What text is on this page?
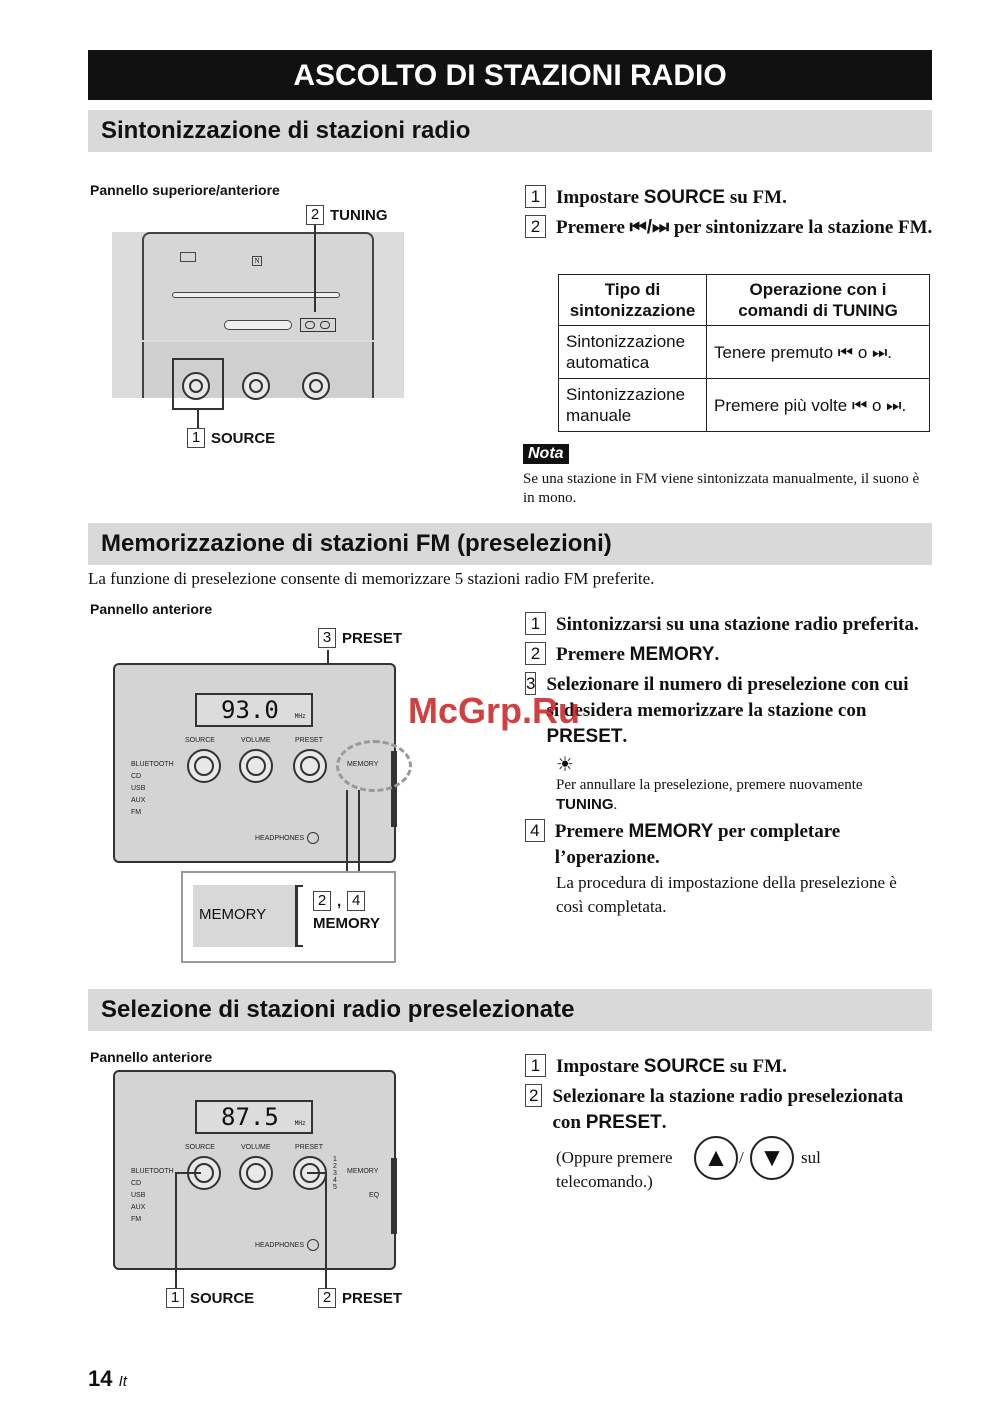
ASCOLTO DI STAZIONI RADIO
Sintonizzazione di stazioni radio
Pannello superiore/anteriore
N
2 TUNING
1 SOURCE
1 Impostare SOURCE su FM.
2 Premere ⏮/⏭ per sintonizzare la stazione FM.
Tipo di sintonizzazione	Operazione con i comandi di TUNING
Sintonizzazione automatica	Tenere premuto ⏮ o ⏭.
Sintonizzazione manuale	Premere più volte ⏮ o ⏭.
Nota
Se una stazione in FM viene sintonizzata manualmente, il suono è in mono.
Memorizzazione di stazioni FM (preselezioni)
La funzione di preselezione consente di memorizzare 5 stazioni radio FM preferite.
Pannello anteriore
3 PRESET
93.0	MHz
SOURCE	VOLUME	PRESET
MEMORY
BLUETOOTH
CD
USB
AUX
FM
HEADPHONES
MEMORY
2 , 4
MEMORY
1 Sintonizzarsi su una stazione radio preferita.
2 Premere MEMORY.
3 Selezionare il numero di preselezione con cui si desidera memorizzare la stazione con PRESET.
☀
Per annullare la preselezione, premere nuovamente TUNING.
4 Premere MEMORY per completare l’operazione.
La procedura di impostazione della preselezione è così completata.
McGrp.Ru
Selezione di stazioni radio preselezionate
Pannello anteriore
87.5	MHz
SOURCE	VOLUME	PRESET
1
2
3
4
5
MEMORY
EQ
BLUETOOTH
CD
USB
AUX
FM
HEADPHONES
1 SOURCE	2 PRESET
1 Impostare SOURCE su FM.
2 Selezionare la stazione radio preselezionata con PRESET.
(Oppure premere	▲ / ▼ sul telecomando.)
14 It
